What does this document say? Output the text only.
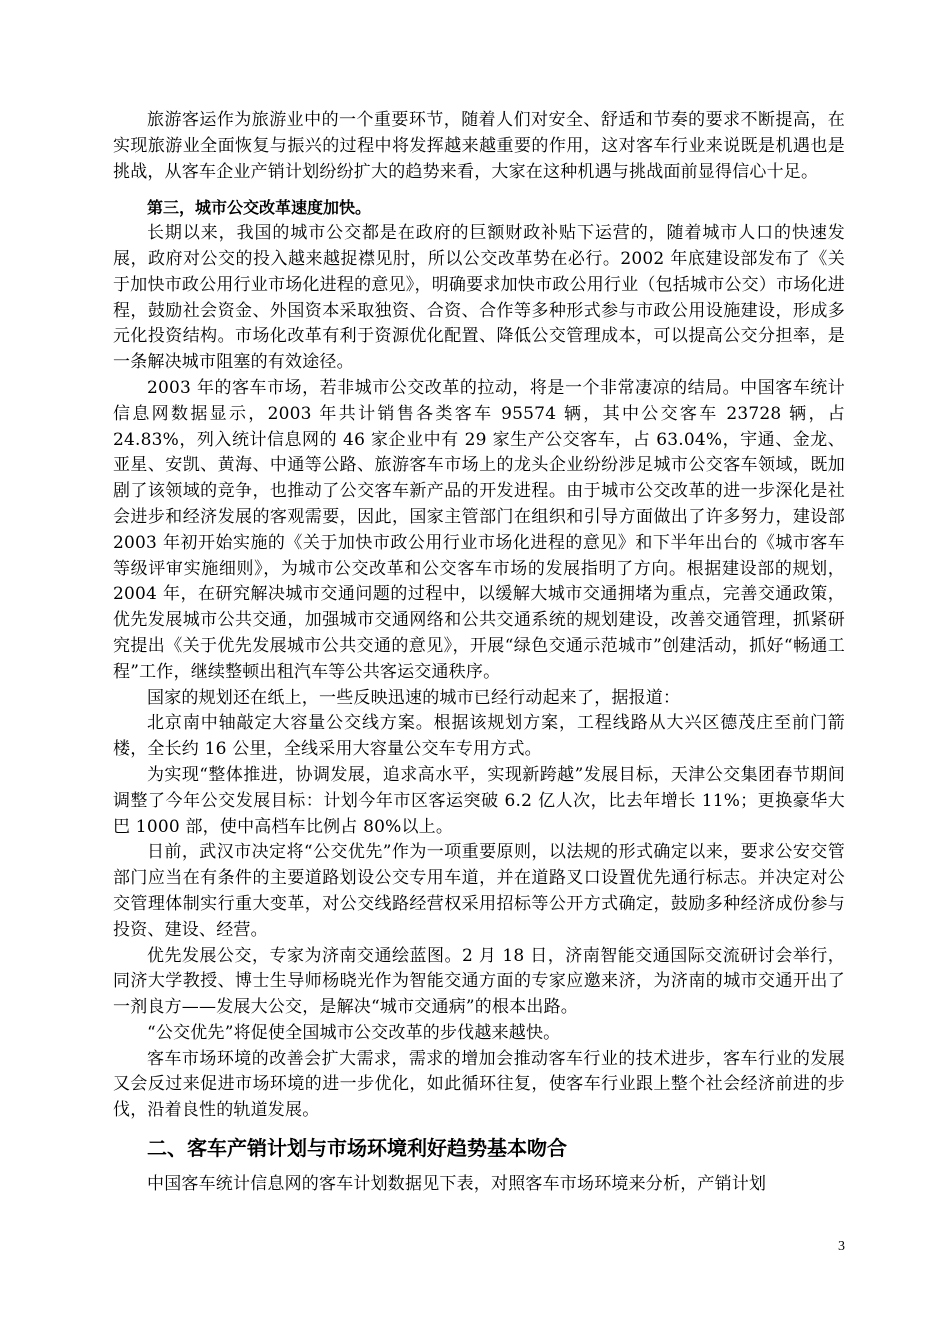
旅游客运作为旅游业中的一个重要环节，随着人们对安全、舒适和节奏的要求不断提高，在实现旅游业全面恢复与振兴的过程中将发挥越来越重要的作用，这对客车行业来说既是机遇也是挑战，从客车企业产销计划纷纷扩大的趋势来看，大家在这种机遇与挑战面前显得信心十足。

第三，城市公交改革速度加快。

长期以来，我国的城市公交都是在政府的巨额财政补贴下运营的，随着城市人口的快速发展，政府对公交的投入越来越捉襟见肘，所以公交改革势在必行。2002 年底建设部发布了《关于加快市政公用行业市场化进程的意见》，明确要求加快市政公用行业（包括城市公交）市场化进程，鼓励社会资金、外国资本采取独资、合资、合作等多种形式参与市政公用设施建设，形成多元化投资结构。市场化改革有利于资源优化配置、降低公交管理成本，可以提高公交分担率，是一条解决城市阻塞的有效途径。

2003 年的客车市场，若非城市公交改革的拉动，将是一个非常凄凉的结局。中国客车统计信息网数据显示，2003 年共计销售各类客车 95574 辆，其中公交客车 23728 辆，占 24.83%，列入统计信息网的 46 家企业中有 29 家生产公交客车，占 63.04%，宇通、金龙、亚星、安凯、黄海、中通等公路、旅游客车市场上的龙头企业纷纷涉足城市公交客车领域，既加剧了该领域的竞争，也推动了公交客车新产品的开发进程。由于城市公交改革的进一步深化是社会进步和经济发展的客观需要，因此，国家主管部门在组织和引导方面做出了许多努力，建设部 2003 年初开始实施的《关于加快市政公用行业市场化进程的意见》和下半年出台的《城市客车等级评审实施细则》，为城市公交改革和公交客车市场的发展指明了方向。根据建设部的规划，2004 年，在研究解决城市交通问题的过程中，以缓解大城市交通拥堵为重点，完善交通政策，优先发展城市公共交通，加强城市交通网络和公共交通系统的规划建设，改善交通管理，抓紧研究提出《关于优先发展城市公共交通的意见》，开展“绿色交通示范城市”创建活动，抓好“畅通工程”工作，继续整顿出租汽车等公共客运交通秩序。

国家的规划还在纸上，一些反映迅速的城市已经行动起来了，据报道：

北京南中轴敲定大容量公交线方案。根据该规划方案，工程线路从大兴区德茂庄至前门箭楼，全长约 16 公里，全线采用大容量公交车专用方式。

为实现“整体推进，协调发展，追求高水平，实现新跨越”发展目标，天津公交集团春节期间调整了今年公交发展目标：计划今年市区客运突破 6.2 亿人次，比去年增长 11%；更换豪华大巴 1000 部，使中高档车比例占 80%以上。

日前，武汉市决定将“公交优先”作为一项重要原则，以法规的形式确定以来，要求公安交管部门应当在有条件的主要道路划设公交专用车道，并在道路叉口设置优先通行标志。并决定对公交管理体制实行重大变革，对公交线路经营权采用招标等公开方式确定，鼓励多种经济成份参与投资、建设、经营。

优先发展公交，专家为济南交通绘蓝图。2 月 18 日，济南智能交通国际交流研讨会举行，同济大学教授、博士生导师杨晓光作为智能交通方面的专家应邀来济，为济南的城市交通开出了一剂良方——发展大公交，是解决“城市交通病”的根本出路。

“公交优先”将促使全国城市公交改革的步伐越来越快。

客车市场环境的改善会扩大需求，需求的增加会推动客车行业的技术进步，客车行业的发展又会反过来促进市场环境的进一步优化，如此循环往复，使客车行业跟上整个社会经济前进的步伐，沿着良性的轨道发展。

二、客车产销计划与市场环境利好趋势基本吻合

中国客车统计信息网的客车计划数据见下表，对照客车市场环境来分析，产销计划

3
